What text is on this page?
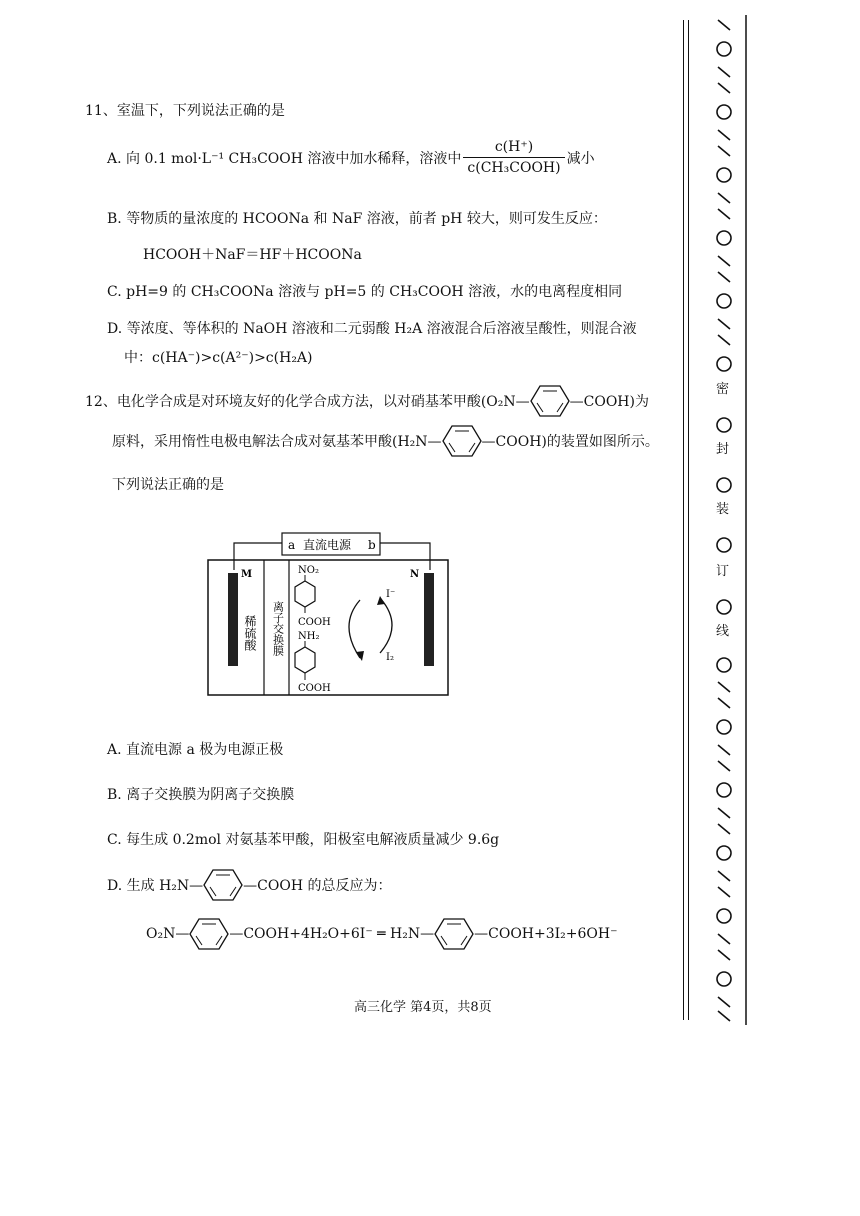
11、室温下，下列说法正确的是
A. 向 0.1 mol·L⁻¹ CH₃COOH 溶液中加水稀释，溶液中 $\frac{c(H^+)}{\text{c(CH₃COOH)}}$ 减小
B. 等物质的量浓度的 HCOONa 和 NaF 溶液，前者 pH 较大，则可发生反应：
HCOOH＋NaF＝HF＋HCOONa
C. pH=9 的 CH₃COONa 溶液与 pH=5 的 CH₃COOH 溶液，水的电离程度相同
D. 等浓度、等体积的 NaOH 溶液和二元弱酸 H₂A 溶液混合后溶液呈酸性，则混合液
中：c(HA⁻)>c(A²⁻)>c(H₂A)
12、电化学合成是对环境友好的化学合成方法，以对硝基苯甲酸(O₂N—	—COOH)为
原料，采用惰性电极电解法合成对氨基苯甲酸(H₂N—	—COOH)的装置如图所示。
下列说法正确的是
a 直流电源 b
M	N
稀硫酸 离子交换膜
NO₂
COOH
NH₂
COOH
I⁻
I₂
A. 直流电源 a 极为电源正极
B. 离子交换膜为阴离子交换膜
C. 每生成 0.2mol 对氨基苯甲酸，阳极室电解液质量减少 9.6g
D. 生成 H₂N—	—COOH 的总反应为：
O₂N—	—COOH+4H₂O+6I⁻ ═ H₂N—	—COOH+3I₂+6OH⁻
高三化学 第4页，共8页
密
封
装
订
线
